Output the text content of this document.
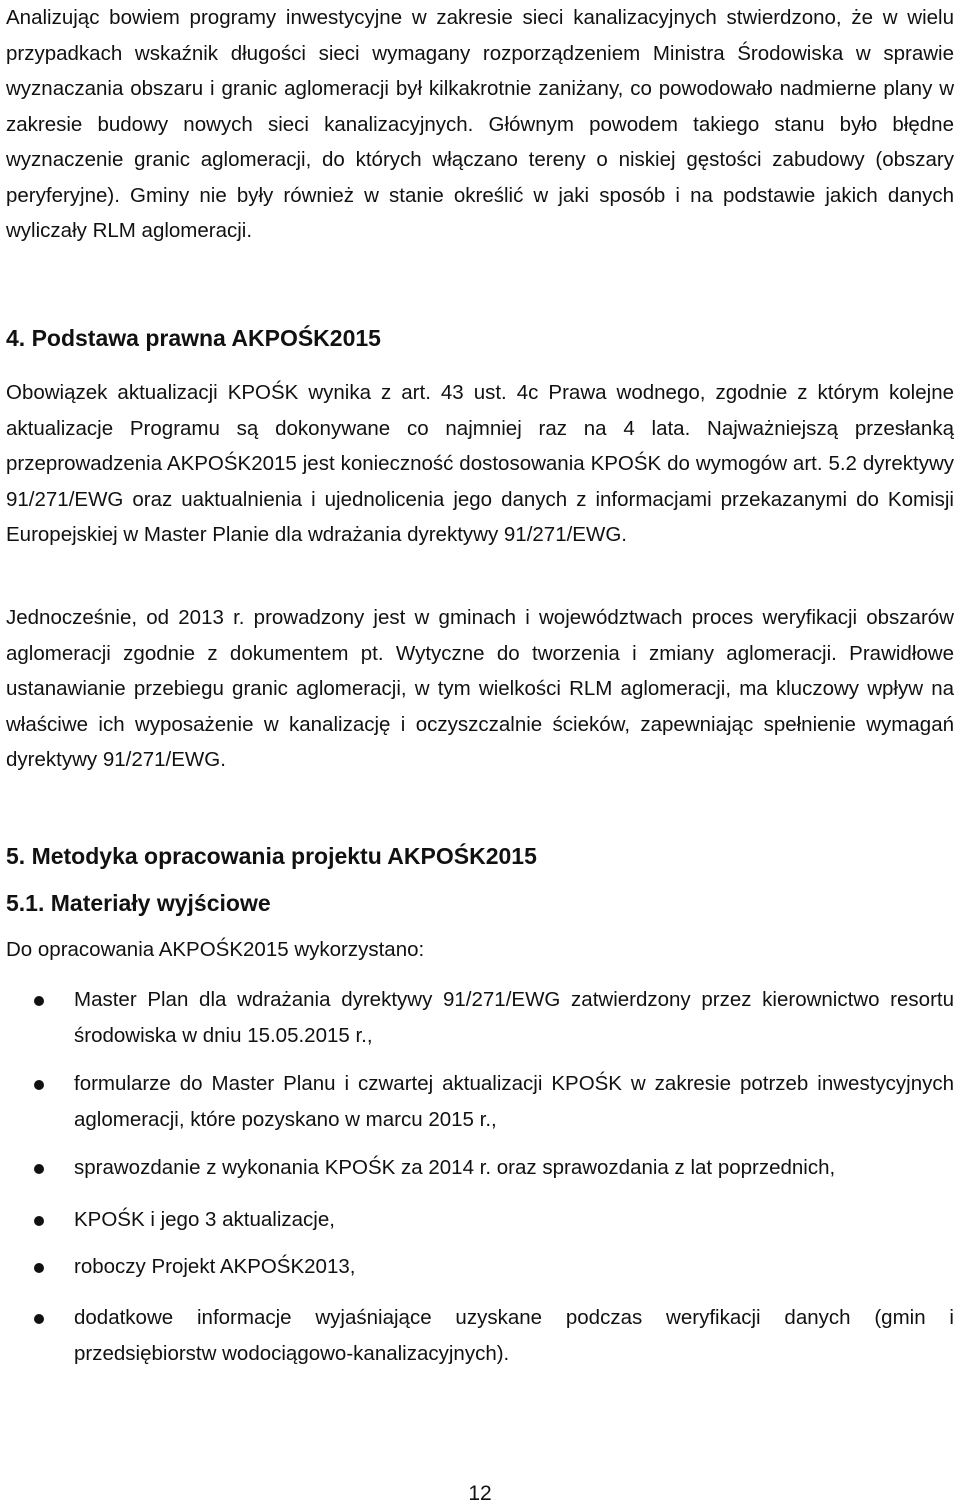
Analizując bowiem programy inwestycyjne w zakresie sieci kanalizacyjnych stwierdzono, że w wielu przypadkach wskaźnik długości sieci wymagany rozporządzeniem Ministra Środowiska w sprawie wyznaczania obszaru i granic aglomeracji był kilkakrotnie zaniżany, co powodowało nadmierne plany w zakresie budowy nowych sieci kanalizacyjnych. Głównym powodem takiego stanu było błędne wyznaczenie granic aglomeracji, do których włączano tereny o niskiej gęstości zabudowy (obszary peryferyjne). Gminy nie były również w stanie określić w jaki sposób i na podstawie jakich danych wyliczały RLM aglomeracji.

4. Podstawa prawna AKPOŚK2015

Obowiązek aktualizacji KPOŚK wynika z art. 43 ust. 4c Prawa wodnego, zgodnie z którym kolejne aktualizacje Programu są dokonywane co najmniej raz na 4 lata. Najważniejszą przesłanką przeprowadzenia AKPOŚK2015 jest konieczność dostosowania KPOŚK do wymogów art. 5.2 dyrektywy 91/271/EWG oraz uaktualnienia i ujednolicenia jego danych z informacjami przekazanymi do Komisji Europejskiej w Master Planie dla wdrażania dyrektywy 91/271/EWG.

Jednocześnie, od 2013 r. prowadzony jest w gminach i województwach proces weryfikacji obszarów aglomeracji zgodnie z dokumentem pt. Wytyczne do tworzenia i zmiany aglomeracji. Prawidłowe ustanawianie przebiegu granic aglomeracji, w tym wielkości RLM aglomeracji, ma kluczowy wpływ na właściwe ich wyposażenie w kanalizację i oczyszczalnie ścieków, zapewniając spełnienie wymagań dyrektywy 91/271/EWG.

5. Metodyka opracowania projektu AKPOŚK2015
5.1. Materiały wyjściowe

Do opracowania AKPOŚK2015 wykorzystano:

Master Plan dla wdrażania dyrektywy 91/271/EWG zatwierdzony przez kierownictwo resortu środowiska w dniu 15.05.2015 r.,
formularze do Master Planu i czwartej aktualizacji KPOŚK w zakresie potrzeb inwestycyjnych aglomeracji, które pozyskano w marcu 2015 r.,
sprawozdanie z wykonania KPOŚK za 2014 r. oraz sprawozdania z lat poprzednich,
KPOŚK i jego 3 aktualizacje,
roboczy Projekt AKPOŚK2013,
dodatkowe informacje wyjaśniające uzyskane podczas weryfikacji danych (gmin i przedsiębiorstw wodociągowo-kanalizacyjnych).
12
